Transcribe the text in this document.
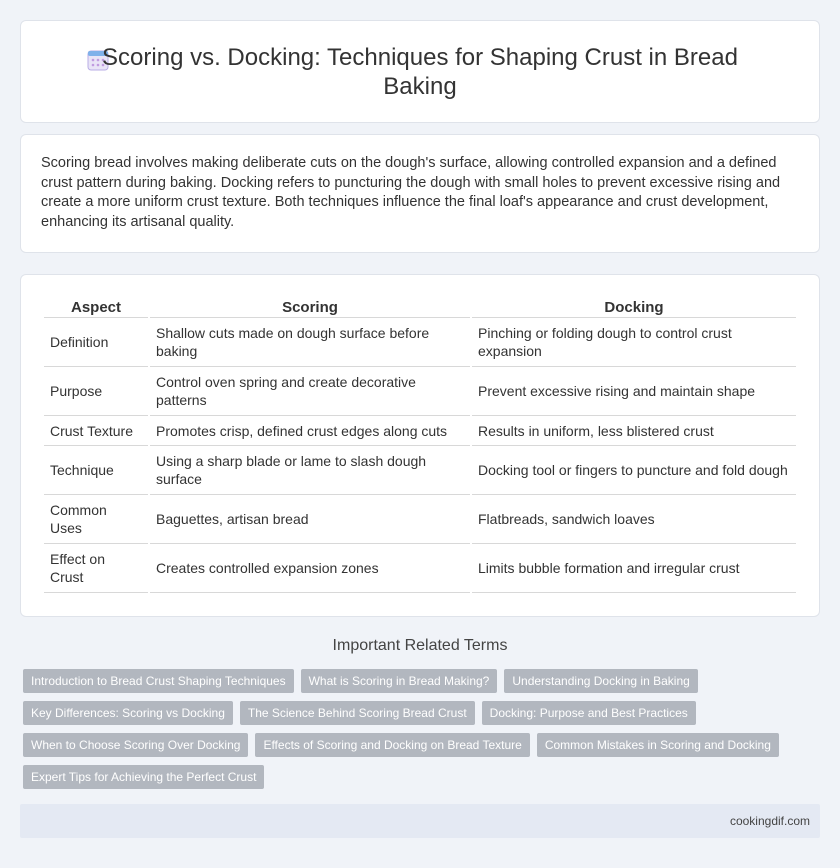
Scoring vs. Docking: Techniques for Shaping Crust in Bread Baking

Scoring bread involves making deliberate cuts on the dough's surface, allowing controlled expansion and a defined crust pattern during baking. Docking refers to puncturing the dough with small holes to prevent excessive rising and create a more uniform crust texture. Both techniques influence the final loaf's appearance and crust development, enhancing its artisanal quality.

Aspect	Scoring	Docking
Definition	Shallow cuts made on dough surface before baking	Pinching or folding dough to control crust expansion
Purpose	Control oven spring and create decorative patterns	Prevent excessive rising and maintain shape
Crust Texture	Promotes crisp, defined crust edges along cuts	Results in uniform, less blistered crust
Technique	Using a sharp blade or lame to slash dough surface	Docking tool or fingers to puncture and fold dough
Common Uses	Baguettes, artisan bread	Flatbreads, sandwich loaves
Effect on Crust	Creates controlled expansion zones	Limits bubble formation and irregular crust
Important Related Terms
Introduction to Bread Crust Shaping Techniques	What is Scoring in Bread Making?	Understanding Docking in Baking
Key Differences: Scoring vs Docking	The Science Behind Scoring Bread Crust	Docking: Purpose and Best Practices
When to Choose Scoring Over Docking	Effects of Scoring and Docking on Bread Texture	Common Mistakes in Scoring and Docking
Expert Tips for Achieving the Perfect Crust
cookingdif.com
